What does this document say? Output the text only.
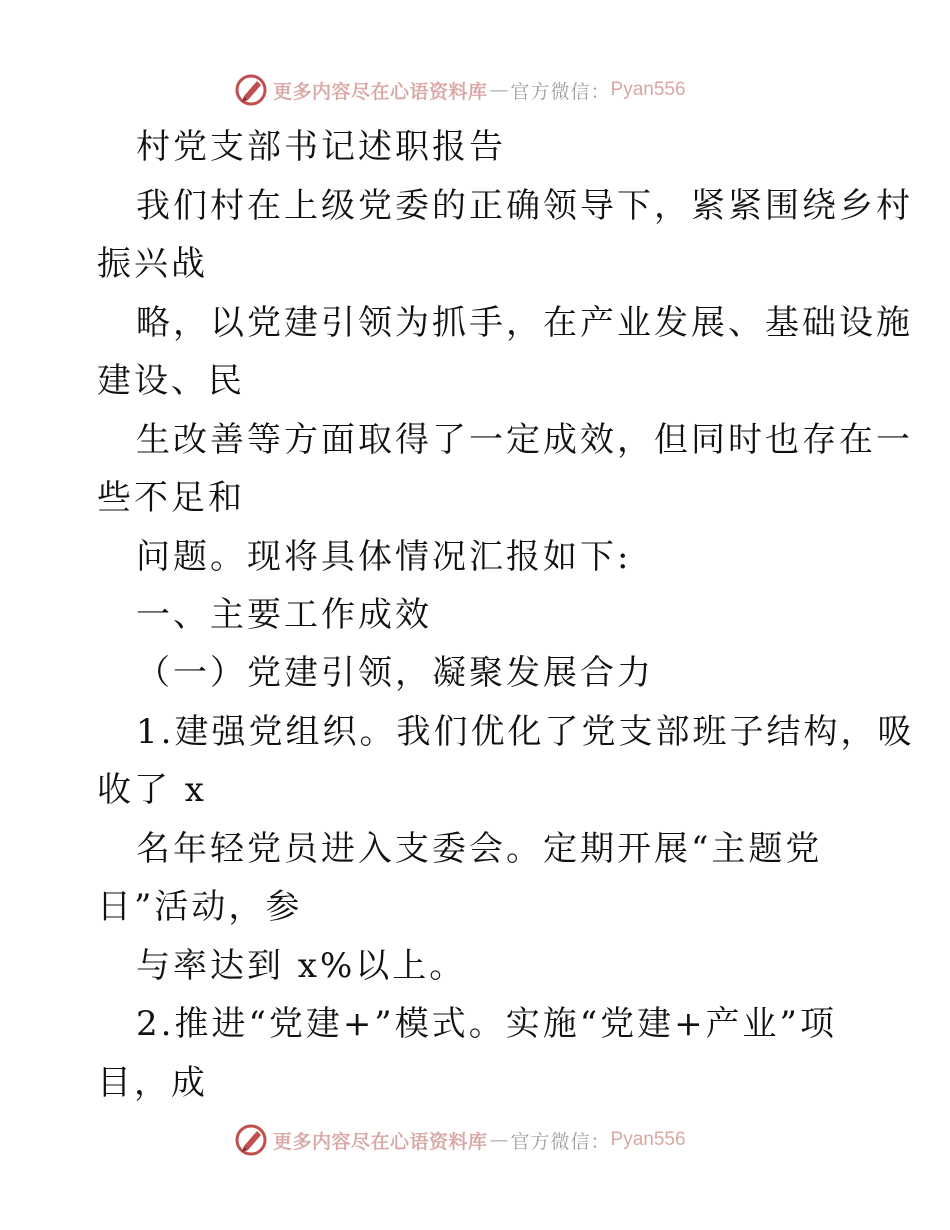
更多内容尽在心语资料库 — 官方微信： Pyan556
村党支部书记述职报告
我们村在上级党委的正确领导下，紧紧围绕乡村
振兴战
略，以党建引领为抓手，在产业发展、基础设施
建设、民
生改善等方面取得了一定成效，但同时也存在一
些不足和
问题。现将具体情况汇报如下:
一、主要工作成效
（一）党建引领，凝聚发展合力
1.建强党组织。我们优化了党支部班子结构，吸
收了 x
名年轻党员进入支委会。定期开展“主题党
日”活动，参
与率达到 x%以上。
2.推进“党建+”模式。实施“党建+产业”项
目，成
更多内容尽在心语资料库 — 官方微信： Pyan556
